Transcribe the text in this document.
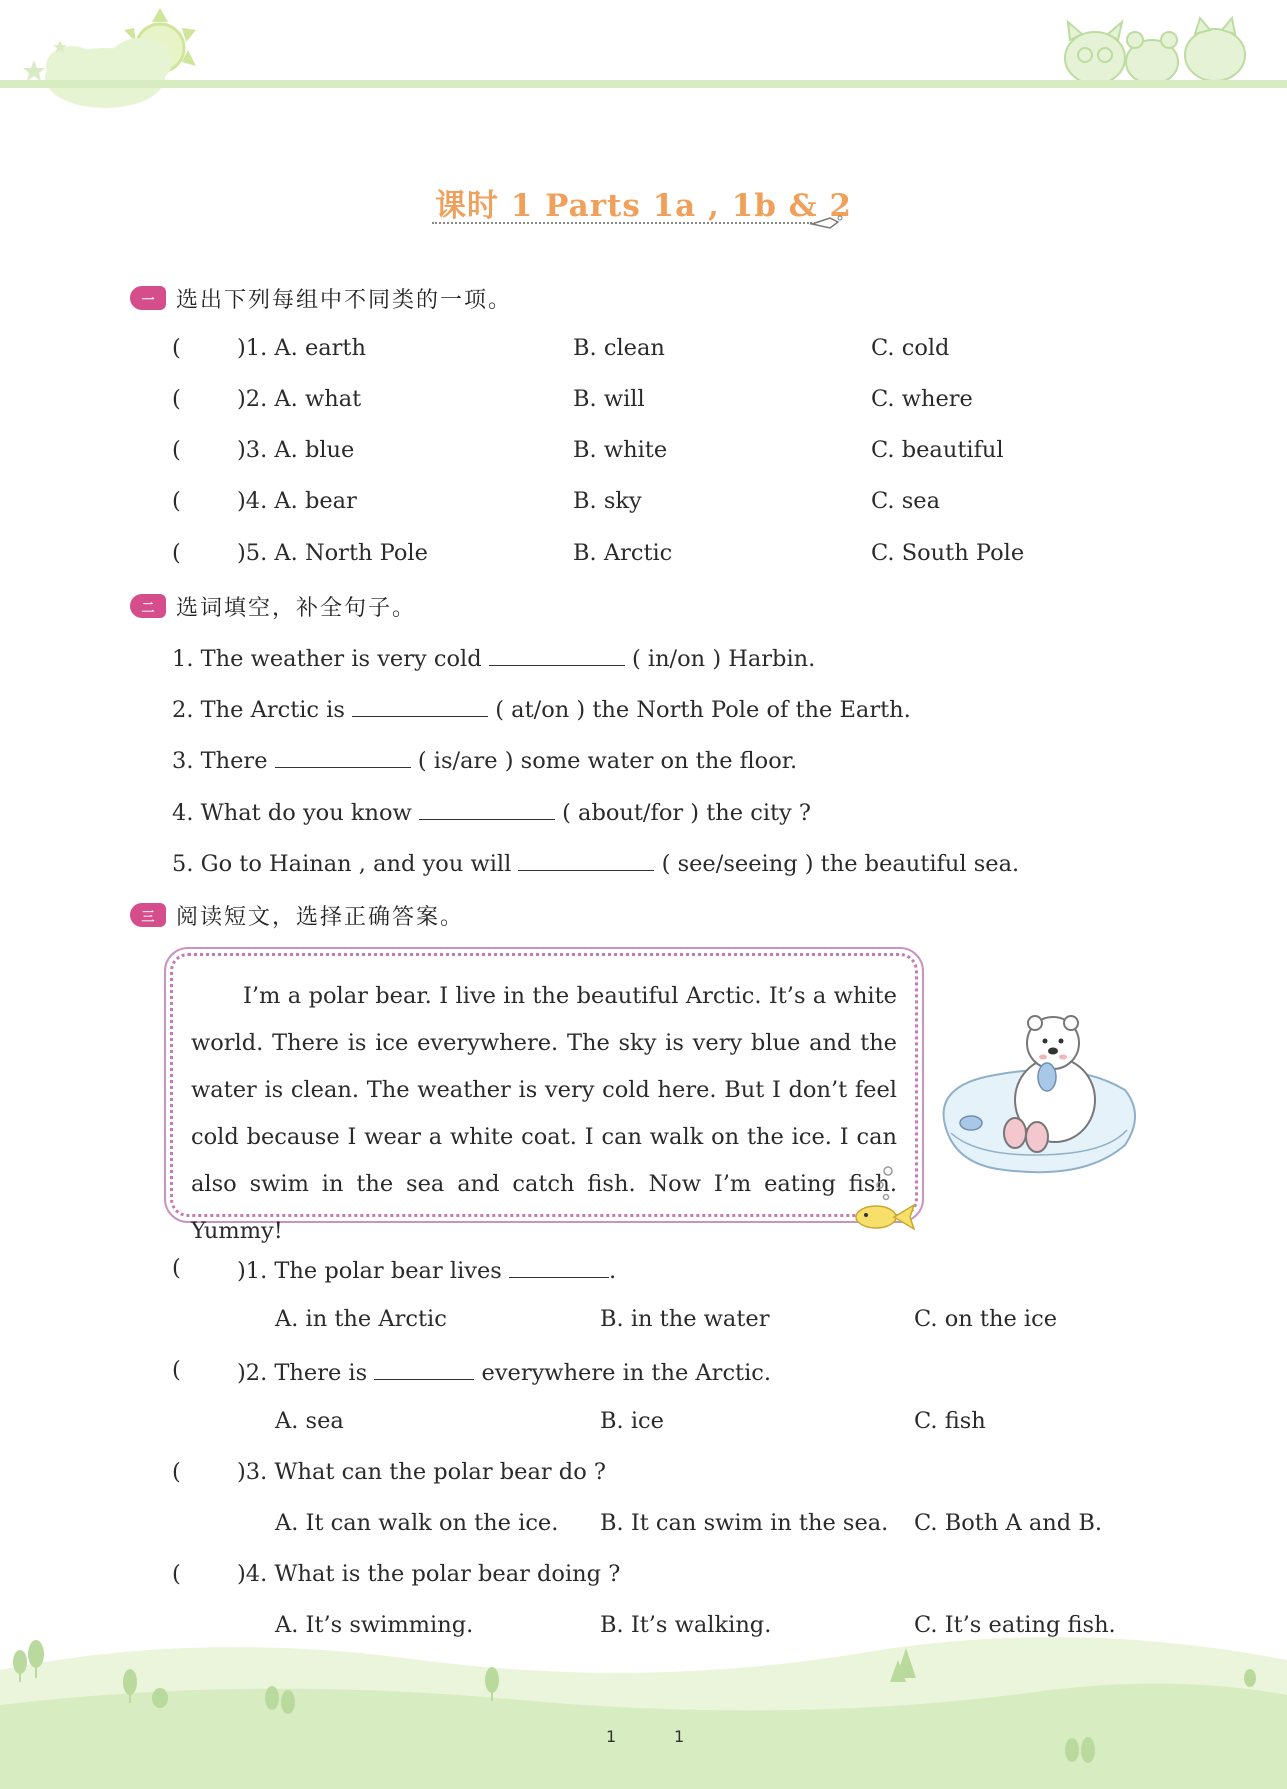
课时 1 Parts 1a , 1b & 2
一 选出下列每组中不同类的一项。
( )1. A. earth	B. clean	C. cold
( )2. A. what	B. will	C. where
( )3. A. blue	B. white	C. beautiful
( )4. A. bear	B. sky	C. sea
( )5. A. North Pole	B. Arctic	C. South Pole
二 选词填空，补全句子。
1. The weather is very cold	( in/on ) Harbin.
2. The Arctic is	( at/on ) the North Pole of the Earth.
3. There	( is/are ) some water on the floor.
4. What do you know	( about/for ) the city ?
5. Go to Hainan , and you will	( see/seeing ) the beautiful sea.
三 阅读短文，选择正确答案。

I’m a polar bear. I live in the beautiful Arctic. It’s a white world. There is ice everywhere. The sky is very blue and the water is clean. The weather is very cold here. But I don’t feel cold because I wear a white coat. I can walk on the ice. I can also swim in the sea and catch fish. Now I’m eating fish. Yummy!

( )1. The polar bear lives	.
A. in the Arctic	B. in the water	C. on the ice
( )2. There is	everywhere in the Arctic.
A. sea	B. ice	C. fish
( )3. What can the polar bear do ?
A. It can walk on the ice. B. It can swim in the sea. C. Both A and B.
( )4. What is the polar bear doing ?
A. It’s swimming.	B. It’s walking.	C. It’s eating fish.
1	1
